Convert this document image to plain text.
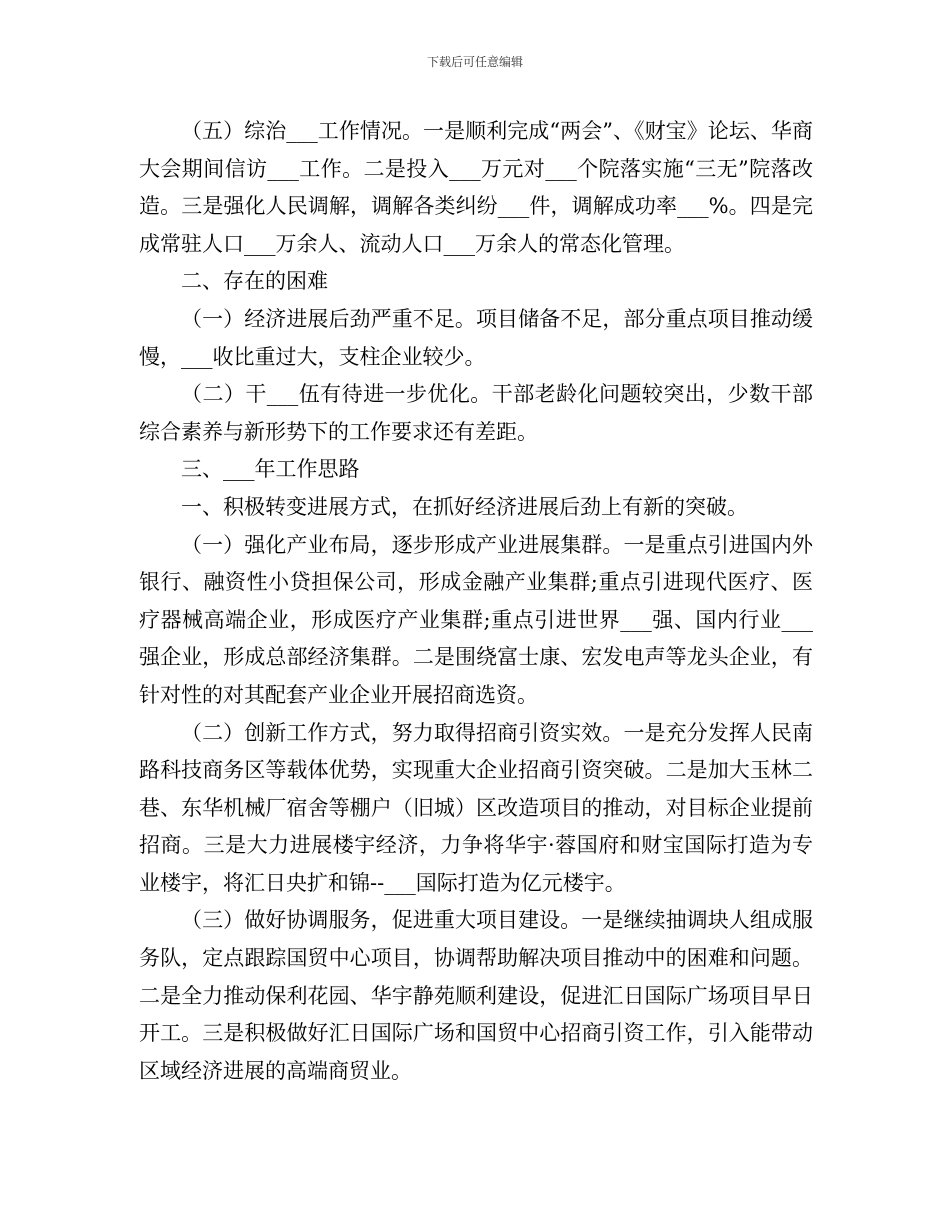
下载后可任意编辑

（五）综治___工作情况。一是顺利完成“两会”、《财宝》论坛、华商大会期间信访___工作。二是投入___万元对___个院落实施“三无”院落改造。三是强化人民调解，调解各类纠纷___件，调解成功率___%。四是完成常驻人口___万余人、流动人口___万余人的常态化管理。

二、存在的困难

（一）经济进展后劲严重不足。项目储备不足，部分重点项目推动缓慢，___收比重过大，支柱企业较少。

（二）干___伍有待进一步优化。干部老龄化问题较突出，少数干部综合素养与新形势下的工作要求还有差距。

三、___年工作思路

一、积极转变进展方式，在抓好经济进展后劲上有新的突破。

（一）强化产业布局，逐步形成产业进展集群。一是重点引进国内外银行、融资性小贷担保公司，形成金融产业集群;重点引进现代医疗、医疗器械高端企业，形成医疗产业集群;重点引进世界___强、国内行业___强企业，形成总部经济集群。二是围绕富士康、宏发电声等龙头企业，有针对性的对其配套产业企业开展招商选资。

（二）创新工作方式，努力取得招商引资实效。一是充分发挥人民南路科技商务区等载体优势，实现重大企业招商引资突破。二是加大玉林二巷、东华机械厂宿舍等棚户（旧城）区改造项目的推动，对目标企业提前招商。三是大力进展楼宇经济，力争将华宇·蓉国府和财宝国际打造为专业楼宇，将汇日央扩和锦--___国际打造为亿元楼宇。

（三）做好协调服务，促进重大项目建设。一是继续抽调块人组成服务队，定点跟踪国贸中心项目，协调帮助解决项目推动中的困难和问题。二是全力推动保利花园、华宇静苑顺利建设，促进汇日国际广场项目早日开工。三是积极做好汇日国际广场和国贸中心招商引资工作，引入能带动区域经济进展的高端商贸业。
